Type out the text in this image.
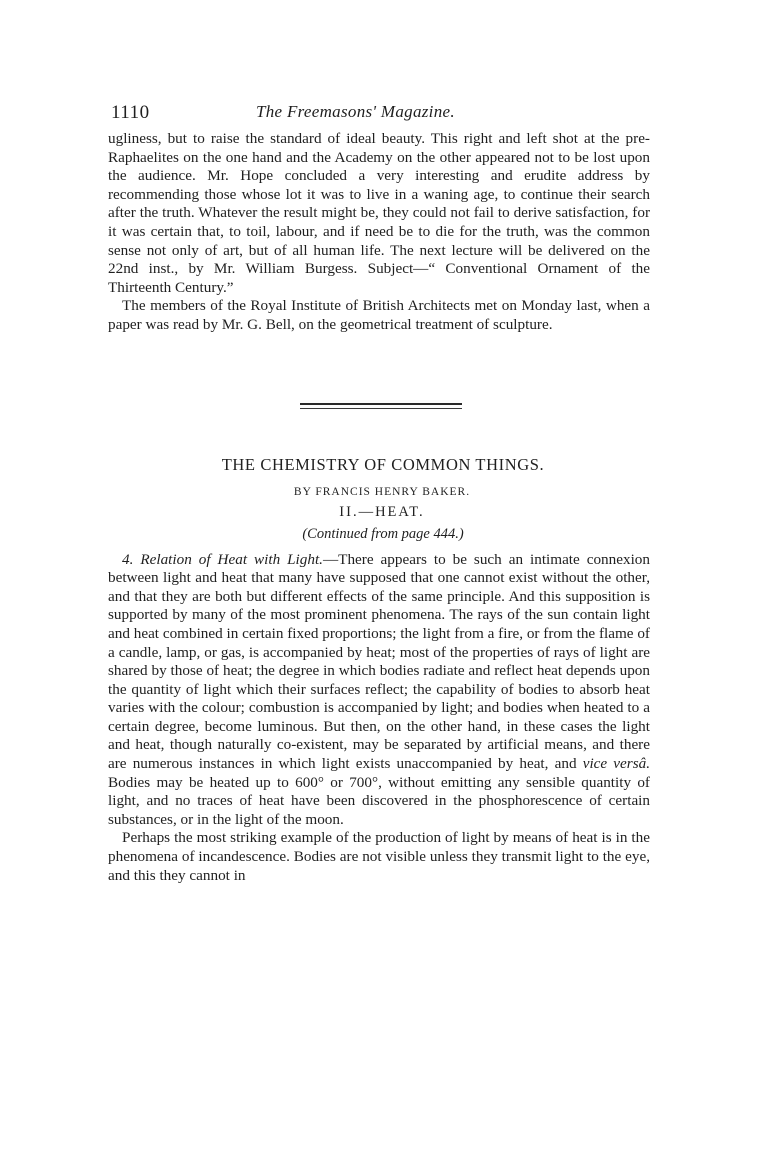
1110	The Freemasons' Magazine.

ugliness, but to raise the standard of ideal beauty. This right and left shot at the pre-Raphaelites on the one hand and the Academy on the other appeared not to be lost upon the audience. Mr. Hope concluded a very interesting and erudite address by recommending those whose lot it was to live in a waning age, to continue their search after the truth. Whatever the result might be, they could not fail to derive satisfaction, for it was certain that, to toil, labour, and if need be to die for the truth, was the common sense not only of art, but of all human life. The next lecture will be delivered on the 22nd inst., by Mr. William Burgess. Subject—“ Conventional Ornament of the Thirteenth Century.”

The members of the Royal Institute of British Architects met on Monday last, when a paper was read by Mr. G. Bell, on the geometrical treatment of sculpture.

THE CHEMISTRY OF COMMON THINGS.
BY FRANCIS HENRY BAKER.
II.—HEAT.
(Continued from page 444.)

4. Relation of Heat with Light.—There appears to be such an intimate connexion between light and heat that many have supposed that one cannot exist without the other, and that they are both but different effects of the same principle. And this supposition is supported by many of the most prominent phenomena. The rays of the sun contain light and heat combined in certain fixed proportions; the light from a fire, or from the flame of a candle, lamp, or gas, is accompanied by heat; most of the properties of rays of light are shared by those of heat; the degree in which bodies radiate and reflect heat depends upon the quantity of light which their surfaces reflect; the capability of bodies to absorb heat varies with the colour; combustion is accompanied by light; and bodies when heated to a certain degree, become luminous. But then, on the other hand, in these cases the light and heat, though naturally co-existent, may be separated by artificial means, and there are numerous instances in which light exists unaccompanied by heat, and vice versâ. Bodies may be heated up to 600° or 700°, without emitting any sensible quantity of light, and no traces of heat have been discovered in the phosphorescence of certain substances, or in the light of the moon.

Perhaps the most striking example of the production of light by means of heat is in the phenomena of incandescence. Bodies are not visible unless they transmit light to the eye, and this they cannot in
